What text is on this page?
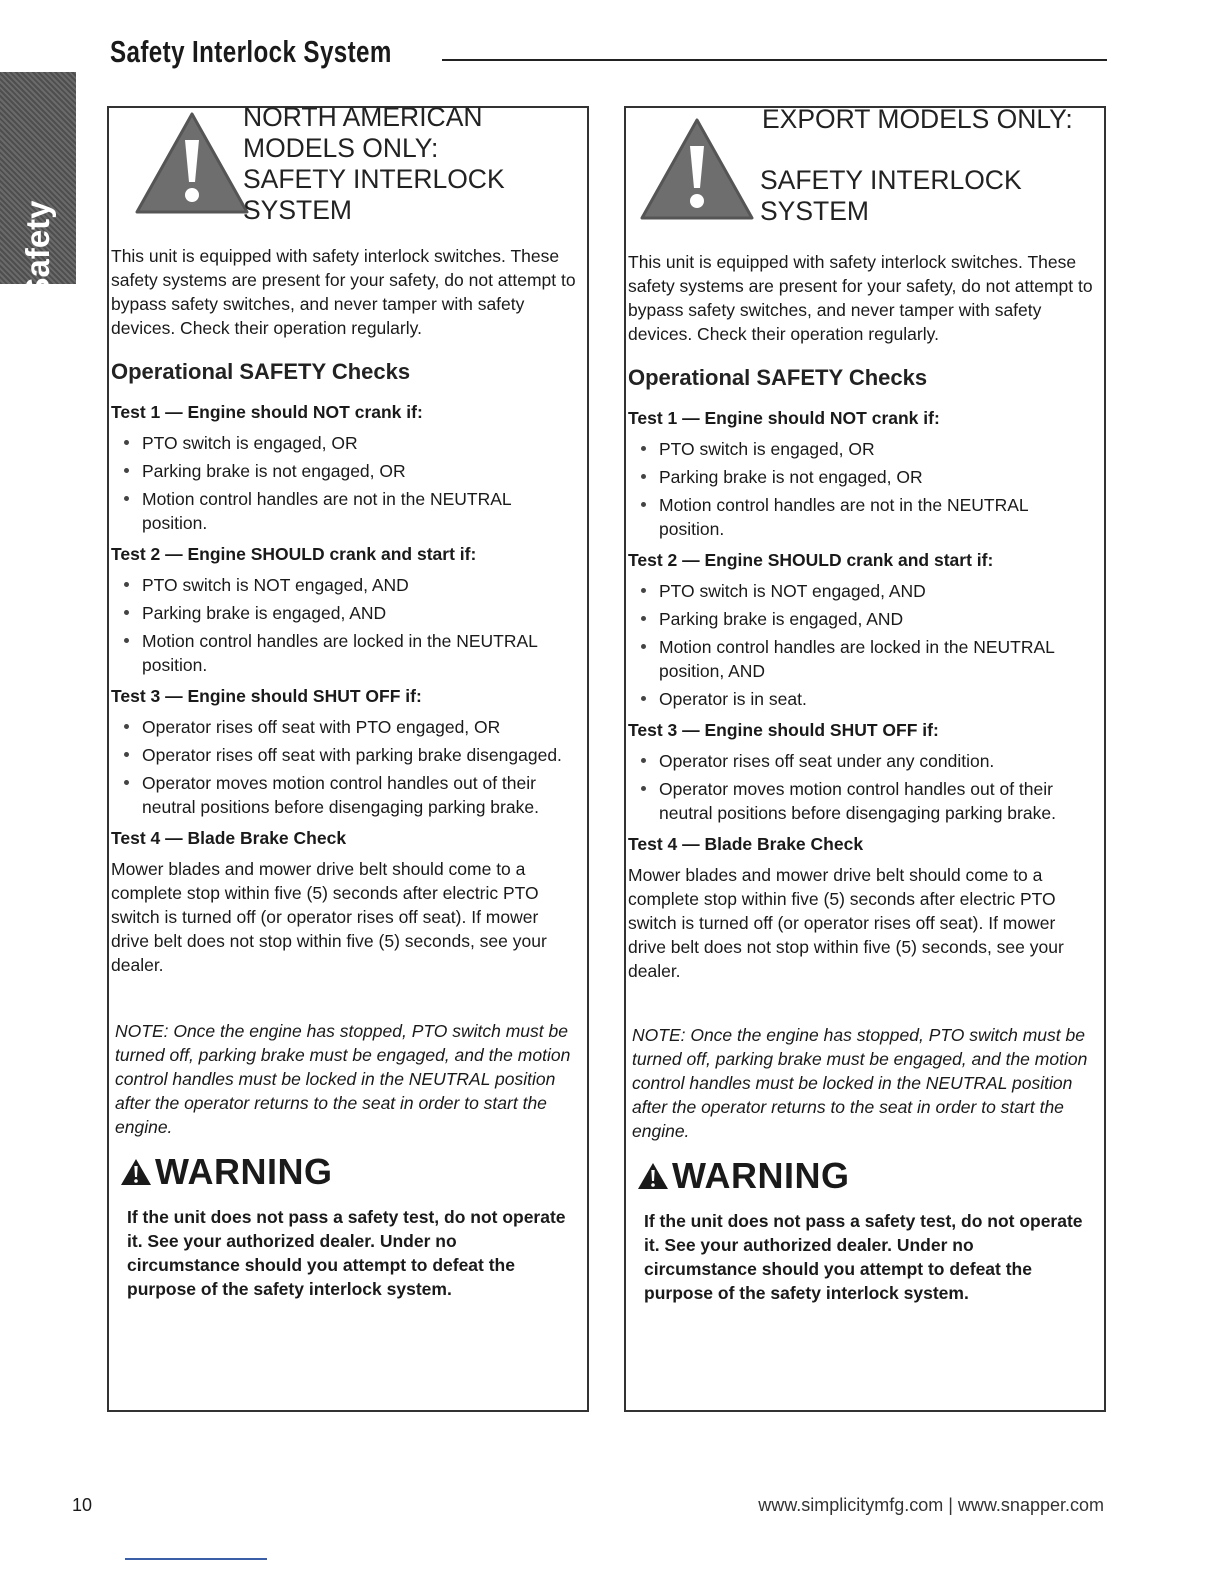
Safety Interlock System
Safety
NORTH AMERICAN
MODELS ONLY:
SAFETY INTERLOCK
SYSTEM

This unit is equipped with safety interlock switches. These safety systems are present for your safety, do not attempt to bypass safety switches, and never tamper with safety devices. Check their operation regularly.

Operational SAFETY Checks
Test 1 — Engine should NOT crank if:
PTO switch is engaged, OR
Parking brake is not engaged, OR
Motion control handles are not in the NEUTRAL position.
Test 2 — Engine SHOULD crank and start if:
PTO switch is NOT engaged, AND
Parking brake is engaged, AND
Motion control handles are locked in the NEUTRAL position.
Test 3 — Engine should SHUT OFF if:
Operator rises off seat with PTO engaged, OR
Operator rises off seat with parking brake disengaged.
Operator moves motion control handles out of their neutral positions before disengaging parking brake.
Test 4 — Blade Brake Check

Mower blades and mower drive belt should come to a complete stop within five (5) seconds after electric PTO switch is turned off (or operator rises off seat). If mower drive belt does not stop within five (5) seconds, see your dealer.

NOTE: Once the engine has stopped, PTO switch must be turned off, parking brake must be engaged, and the motion control handles must be locked in the NEUTRAL position after the operator returns to the seat in order to start the engine.

WARNING

If the unit does not pass a safety test, do not operate it. See your authorized dealer. Under no circumstance should you attempt to defeat the purpose of the safety interlock system.

EXPORT MODELS ONLY:
SAFETY INTERLOCK
SYSTEM

This unit is equipped with safety interlock switches. These safety systems are present for your safety, do not attempt to bypass safety switches, and never tamper with safety devices. Check their operation regularly.

Operational SAFETY Checks
Test 1 — Engine should NOT crank if:
PTO switch is engaged, OR
Parking brake is not engaged, OR
Motion control handles are not in the NEUTRAL position.
Test 2 — Engine SHOULD crank and start if:
PTO switch is NOT engaged, AND
Parking brake is engaged, AND
Motion control handles are locked in the NEUTRAL position, AND
Operator is in seat.
Test 3 — Engine should SHUT OFF if:
Operator rises off seat under any condition.
Operator moves motion control handles out of their neutral positions before disengaging parking brake.
Test 4 — Blade Brake Check

Mower blades and mower drive belt should come to a complete stop within five (5) seconds after electric PTO switch is turned off (or operator rises off seat). If mower drive belt does not stop within five (5) seconds, see your dealer.

NOTE: Once the engine has stopped, PTO switch must be turned off, parking brake must be engaged, and the motion control handles must be locked in the NEUTRAL position after the operator returns to the seat in order to start the engine.

WARNING

If the unit does not pass a safety test, do not operate it. See your authorized dealer. Under no circumstance should you attempt to defeat the purpose of the safety interlock system.

10	www.simplicitymfg.com | www.snapper.com
